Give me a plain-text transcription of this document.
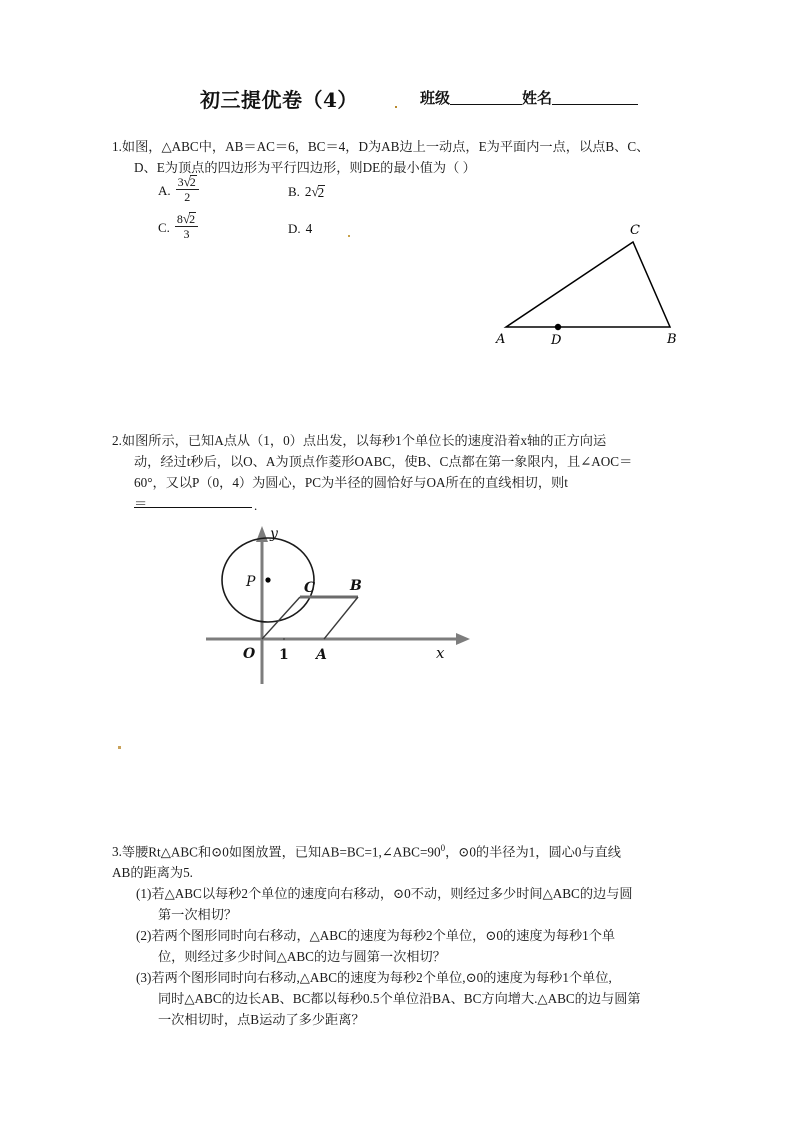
初三提优卷（4）	班级	姓名
1.如图，△ABC中，AB＝AC＝6，BC＝4，D为AB边上一动点，E为平面内一点，以点B、C、
D、E为顶点的四边形为平行四边形，则DE的最小值为（ ）
A. $\frac{3 √ 2}{2}$	B. 2 √ 2
C. $\frac{8 √ 2}{3}$	D. 4	C
A	D	B
2.如图所示，已知A点从（1，0）点出发，以每秒1个单位长的速度沿着x轴的正方向运
动，经过t秒后，以O、A为顶点作菱形OABC，使B、C点都在第一象限内，且∠AOC＝
60°，又以P（0，4）为圆心，PC为半径的圆恰好与OA所在的直线相切，则t
＝	.
y
x
O 1 A
P	C B
3.等腰Rt△ABC和⊙0如图放置，已知$AB=BC=1,\angle ABC=90^0$，⊙0的半径为1，圆心0与直线
AB的距离为5.
(1)若△ABC以每秒2个单位的速度向右移动，⊙0不动，则经过多少时间△ABC的边与圆
第一次相切？
(2)若两个图形同时向右移动，△ABC的速度为每秒2个单位，⊙0的速度为每秒1个单
位，则经过多少时间△ABC的边与圆第一次相切？
(3)若两个图形同时向右移动,△ABC的速度为每秒2个单位,⊙0的速度为每秒1个单位,
同时△ABC的边长AB、BC都以每秒0.5个单位沿BA、BC方向增大.△ABC的边与圆第
一次相切时，点B运动了多少距离？
